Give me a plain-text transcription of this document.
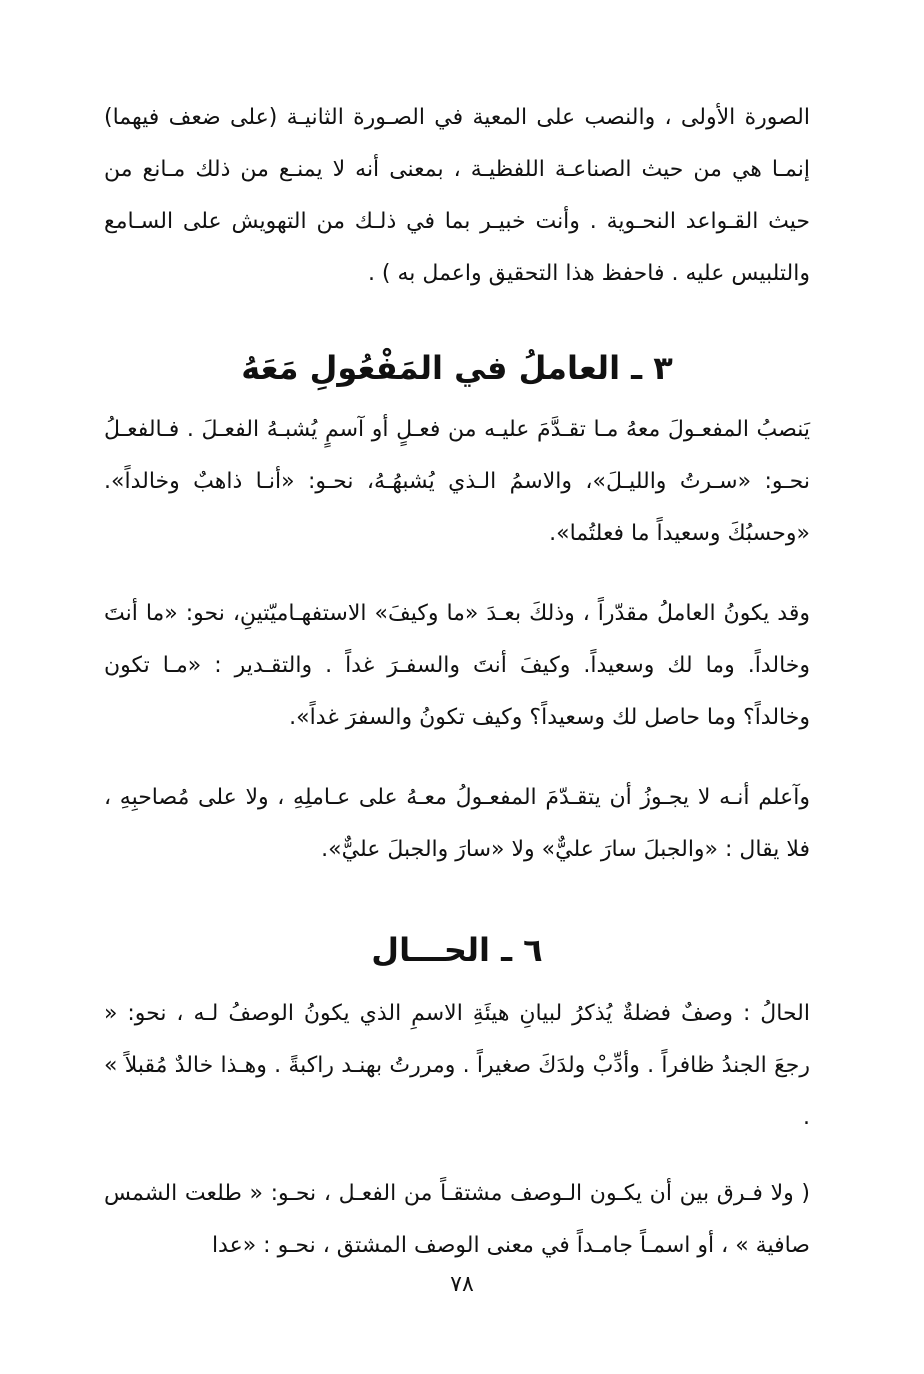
الصورة الأولى ، والنصب على المعية في الصـورة الثانيـة (على ضعف فيهما) إنمـا هي من حيث الصناعـة اللفظيـة ، بمعنى أنه لا يمنـع من ذلك مـانع من حيث القـواعد النحـوية . وأنت خبيـر بما في ذلـك من التهويش على السـامع والتلبيس عليه . فاحفظ هذا التحقيق واعمل به ) .

٣ ـ العاملُ في المَفْعُولِ مَعَهُ

يَنصبُ المفعـولَ معهُ مـا تقـدَّمَ عليـه من فعـلٍ أو آسمٍ يُشبـهُ الفعـلَ . فـالفعـلُ نحـو: «سـرتُ والليـلَ»، والاسمُ الـذي يُشبهُـهُ، نحـو: «أنـا ذاهبٌ وخالداً». «وحسبُكَ وسعيداً ما فعلتُما».

وقد يكونُ العاملُ مقدّراً ، وذلكَ بعـدَ «ما وكيفَ» الاستفهـاميّتينِ، نحو: «ما أنتَ وخالداً. وما لك وسعيداً. وكيفَ أنتَ والسفـرَ غداً . والتقـدير : «مـا تكون وخالداً؟ وما حاصل لك وسعيداً؟ وكيف تكونُ والسفرَ غداً».

وآعلم أنـه لا يجـوزُ أن يتقـدّمَ المفعـولُ معـهُ على عـاملِهِ ، ولا على مُصاحبِهِ ، فلا يقال : «والجبلَ سارَ عليٌّ» ولا «سارَ والجبلَ عليٌّ».

٦ ـ الحـــال

الحالُ : وصفٌ فضلةٌ يُذكرُ لبيانِ هيئَةِ الاسمِ الذي يكونُ الوصفُ لـه ، نحو: « رجعَ الجندُ ظافراً . وأدِّبْ ولدَكَ صغيراً . ومررتُ بهنـد راكبةً . وهـذا خالدٌ مُقبلاً » .

( ولا فـرق بين أن يكـون الـوصف مشتقـاً من الفعـل ، نحـو: « طلعت الشمس صافية » ، أو اسمـاً جامـداً في معنى الوصف المشتق ، نحـو : «عدا

٧٨
